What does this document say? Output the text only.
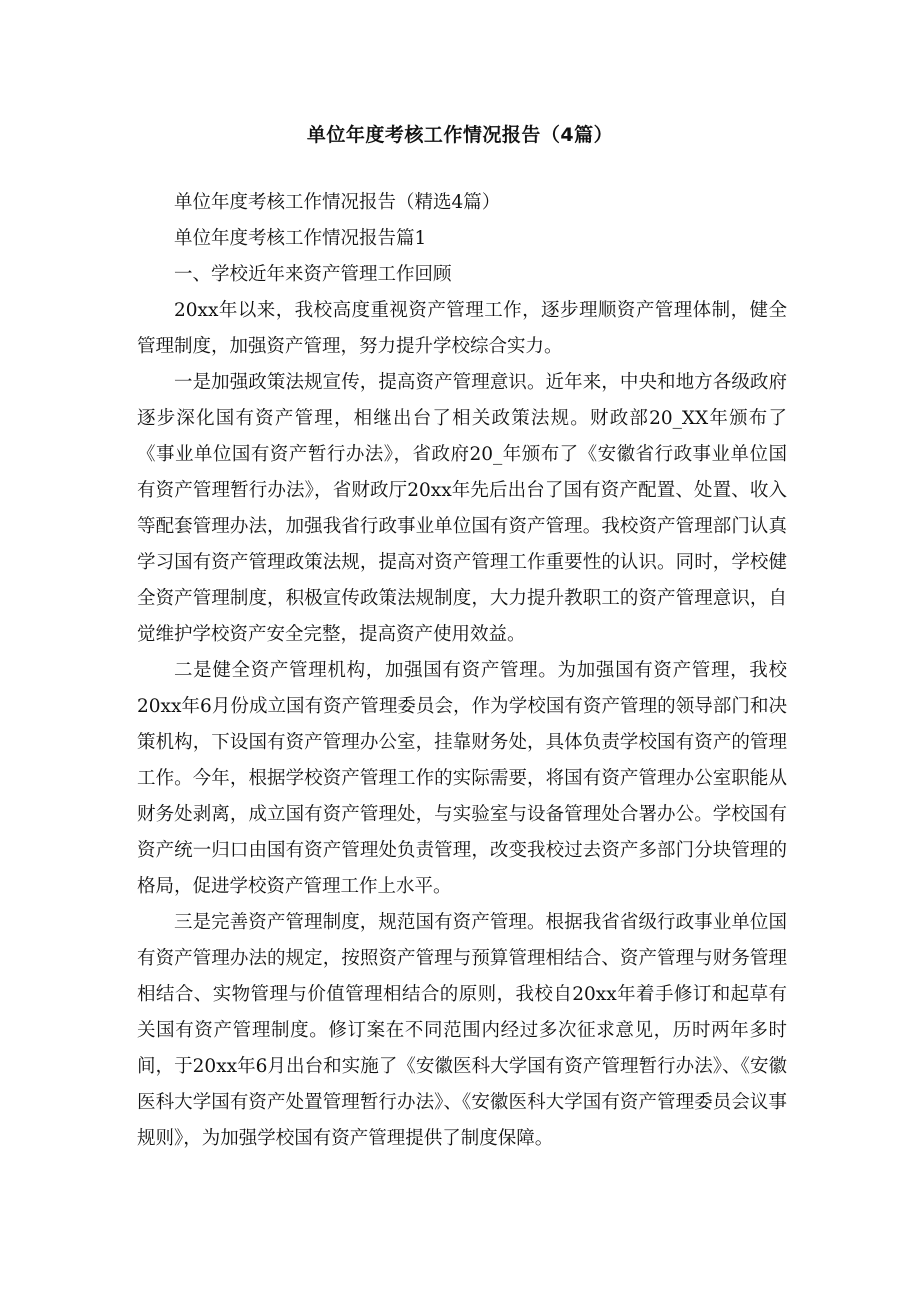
单位年度考核工作情况报告（4篇）

单位年度考核工作情况报告（精选4篇）

单位年度考核工作情况报告篇1

一、学校近年来资产管理工作回顾

20xx年以来，我校高度重视资产管理工作，逐步理顺资产管理体制，健全管理制度，加强资产管理，努力提升学校综合实力。

一是加强政策法规宣传，提高资产管理意识。近年来，中央和地方各级政府逐步深化国有资产管理，相继出台了相关政策法规。财政部20_XX年颁布了《事业单位国有资产暂行办法》，省政府20_年颁布了《安徽省行政事业单位国有资产管理暂行办法》，省财政厅20xx年先后出台了国有资产配置、处置、收入等配套管理办法，加强我省行政事业单位国有资产管理。我校资产管理部门认真学习国有资产管理政策法规，提高对资产管理工作重要性的认识。同时，学校健全资产管理制度，积极宣传政策法规制度，大力提升教职工的资产管理意识，自觉维护学校资产安全完整，提高资产使用效益。

二是健全资产管理机构，加强国有资产管理。为加强国有资产管理，我校20xx年6月份成立国有资产管理委员会，作为学校国有资产管理的领导部门和决策机构，下设国有资产管理办公室，挂靠财务处，具体负责学校国有资产的管理工作。今年，根据学校资产管理工作的实际需要，将国有资产管理办公室职能从财务处剥离，成立国有资产管理处，与实验室与设备管理处合署办公。学校国有资产统一归口由国有资产管理处负责管理，改变我校过去资产多部门分块管理的格局，促进学校资产管理工作上水平。

三是完善资产管理制度，规范国有资产管理。根据我省省级行政事业单位国有资产管理办法的规定，按照资产管理与预算管理相结合、资产管理与财务管理相结合、实物管理与价值管理相结合的原则，我校自20xx年着手修订和起草有关国有资产管理制度。修订案在不同范围内经过多次征求意见，历时两年多时间，于20xx年6月出台和实施了《安徽医科大学国有资产管理暂行办法》、《安徽医科大学国有资产处置管理暂行办法》、《安徽医科大学国有资产管理委员会议事规则》，为加强学校国有资产管理提供了制度保障。
